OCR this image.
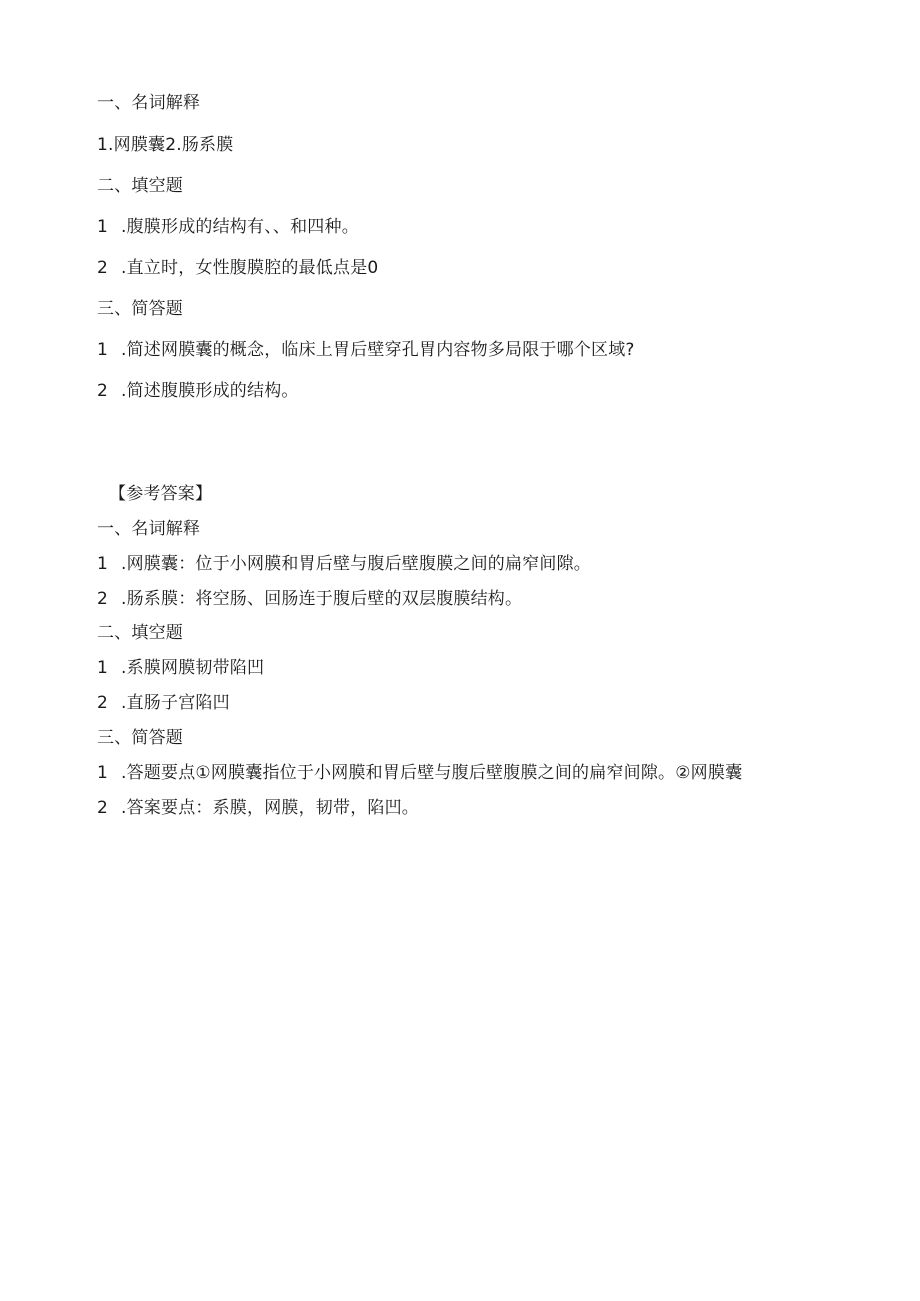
一、名词解释
1.网膜囊2.肠系膜
二、填空题
1 .腹膜形成的结构有、、和四种。
2 .直立时，女性腹膜腔的最低点是0
三、简答题
1 .简述网膜囊的概念，临床上胃后壁穿孔胃内容物多局限于哪个区域?
2 .简述腹膜形成的结构。
【参考答案】
一、名词解释
1 .网膜囊：位于小网膜和胃后壁与腹后壁腹膜之间的扁窄间隙。
2 .肠系膜：将空肠、回肠连于腹后壁的双层腹膜结构。
二、填空题
1 .系膜网膜韧带陷凹
2 .直肠子宫陷凹
三、简答题
1 .答题要点①网膜囊指位于小网膜和胃后壁与腹后壁腹膜之间的扁窄间隙。②网膜囊
2 .答案要点：系膜，网膜，韧带，陷凹。
